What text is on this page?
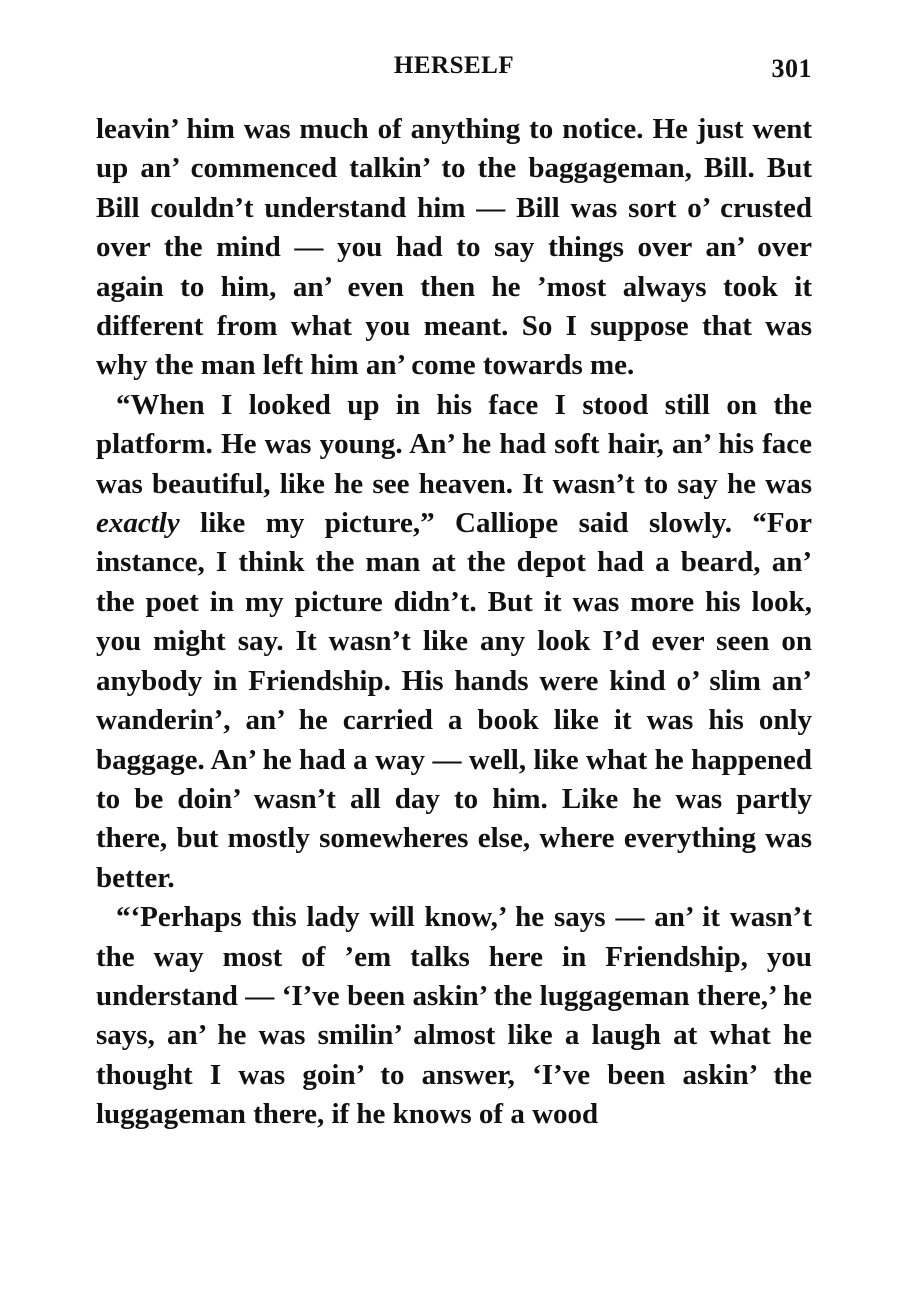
HERSELF	301

leavin’ him was much of anything to notice. He just went up an’ commenced talkin’ to the baggageman, Bill. But Bill couldn’t understand him — Bill was sort o’ crusted over the mind — you had to say things over an’ over again to him, an’ even then he ’most always took it different from what you meant. So I suppose that was why the man left him an’ come towards me.

“When I looked up in his face I stood still on the platform. He was young. An’ he had soft hair, an’ his face was beautiful, like he see heaven. It wasn’t to say he was exactly like my picture,” Calliope said slowly. “For instance, I think the man at the depot had a beard, an’ the poet in my picture didn’t. But it was more his look, you might say. It wasn’t like any look I’d ever seen on anybody in Friendship. His hands were kind o’ slim an’ wanderin’, an’ he carried a book like it was his only baggage. An’ he had a way — well, like what he happened to be doin’ wasn’t all day to him. Like he was partly there, but mostly somewheres else, where everything was better.

“‘Perhaps this lady will know,’ he says — an’ it wasn’t the way most of ’em talks here in Friendship, you understand — ‘I’ve been askin’ the luggageman there,’ he says, an’ he was smilin’ almost like a laugh at what he thought I was goin’ to answer, ‘I’ve been askin’ the luggageman there, if he knows of a wood
